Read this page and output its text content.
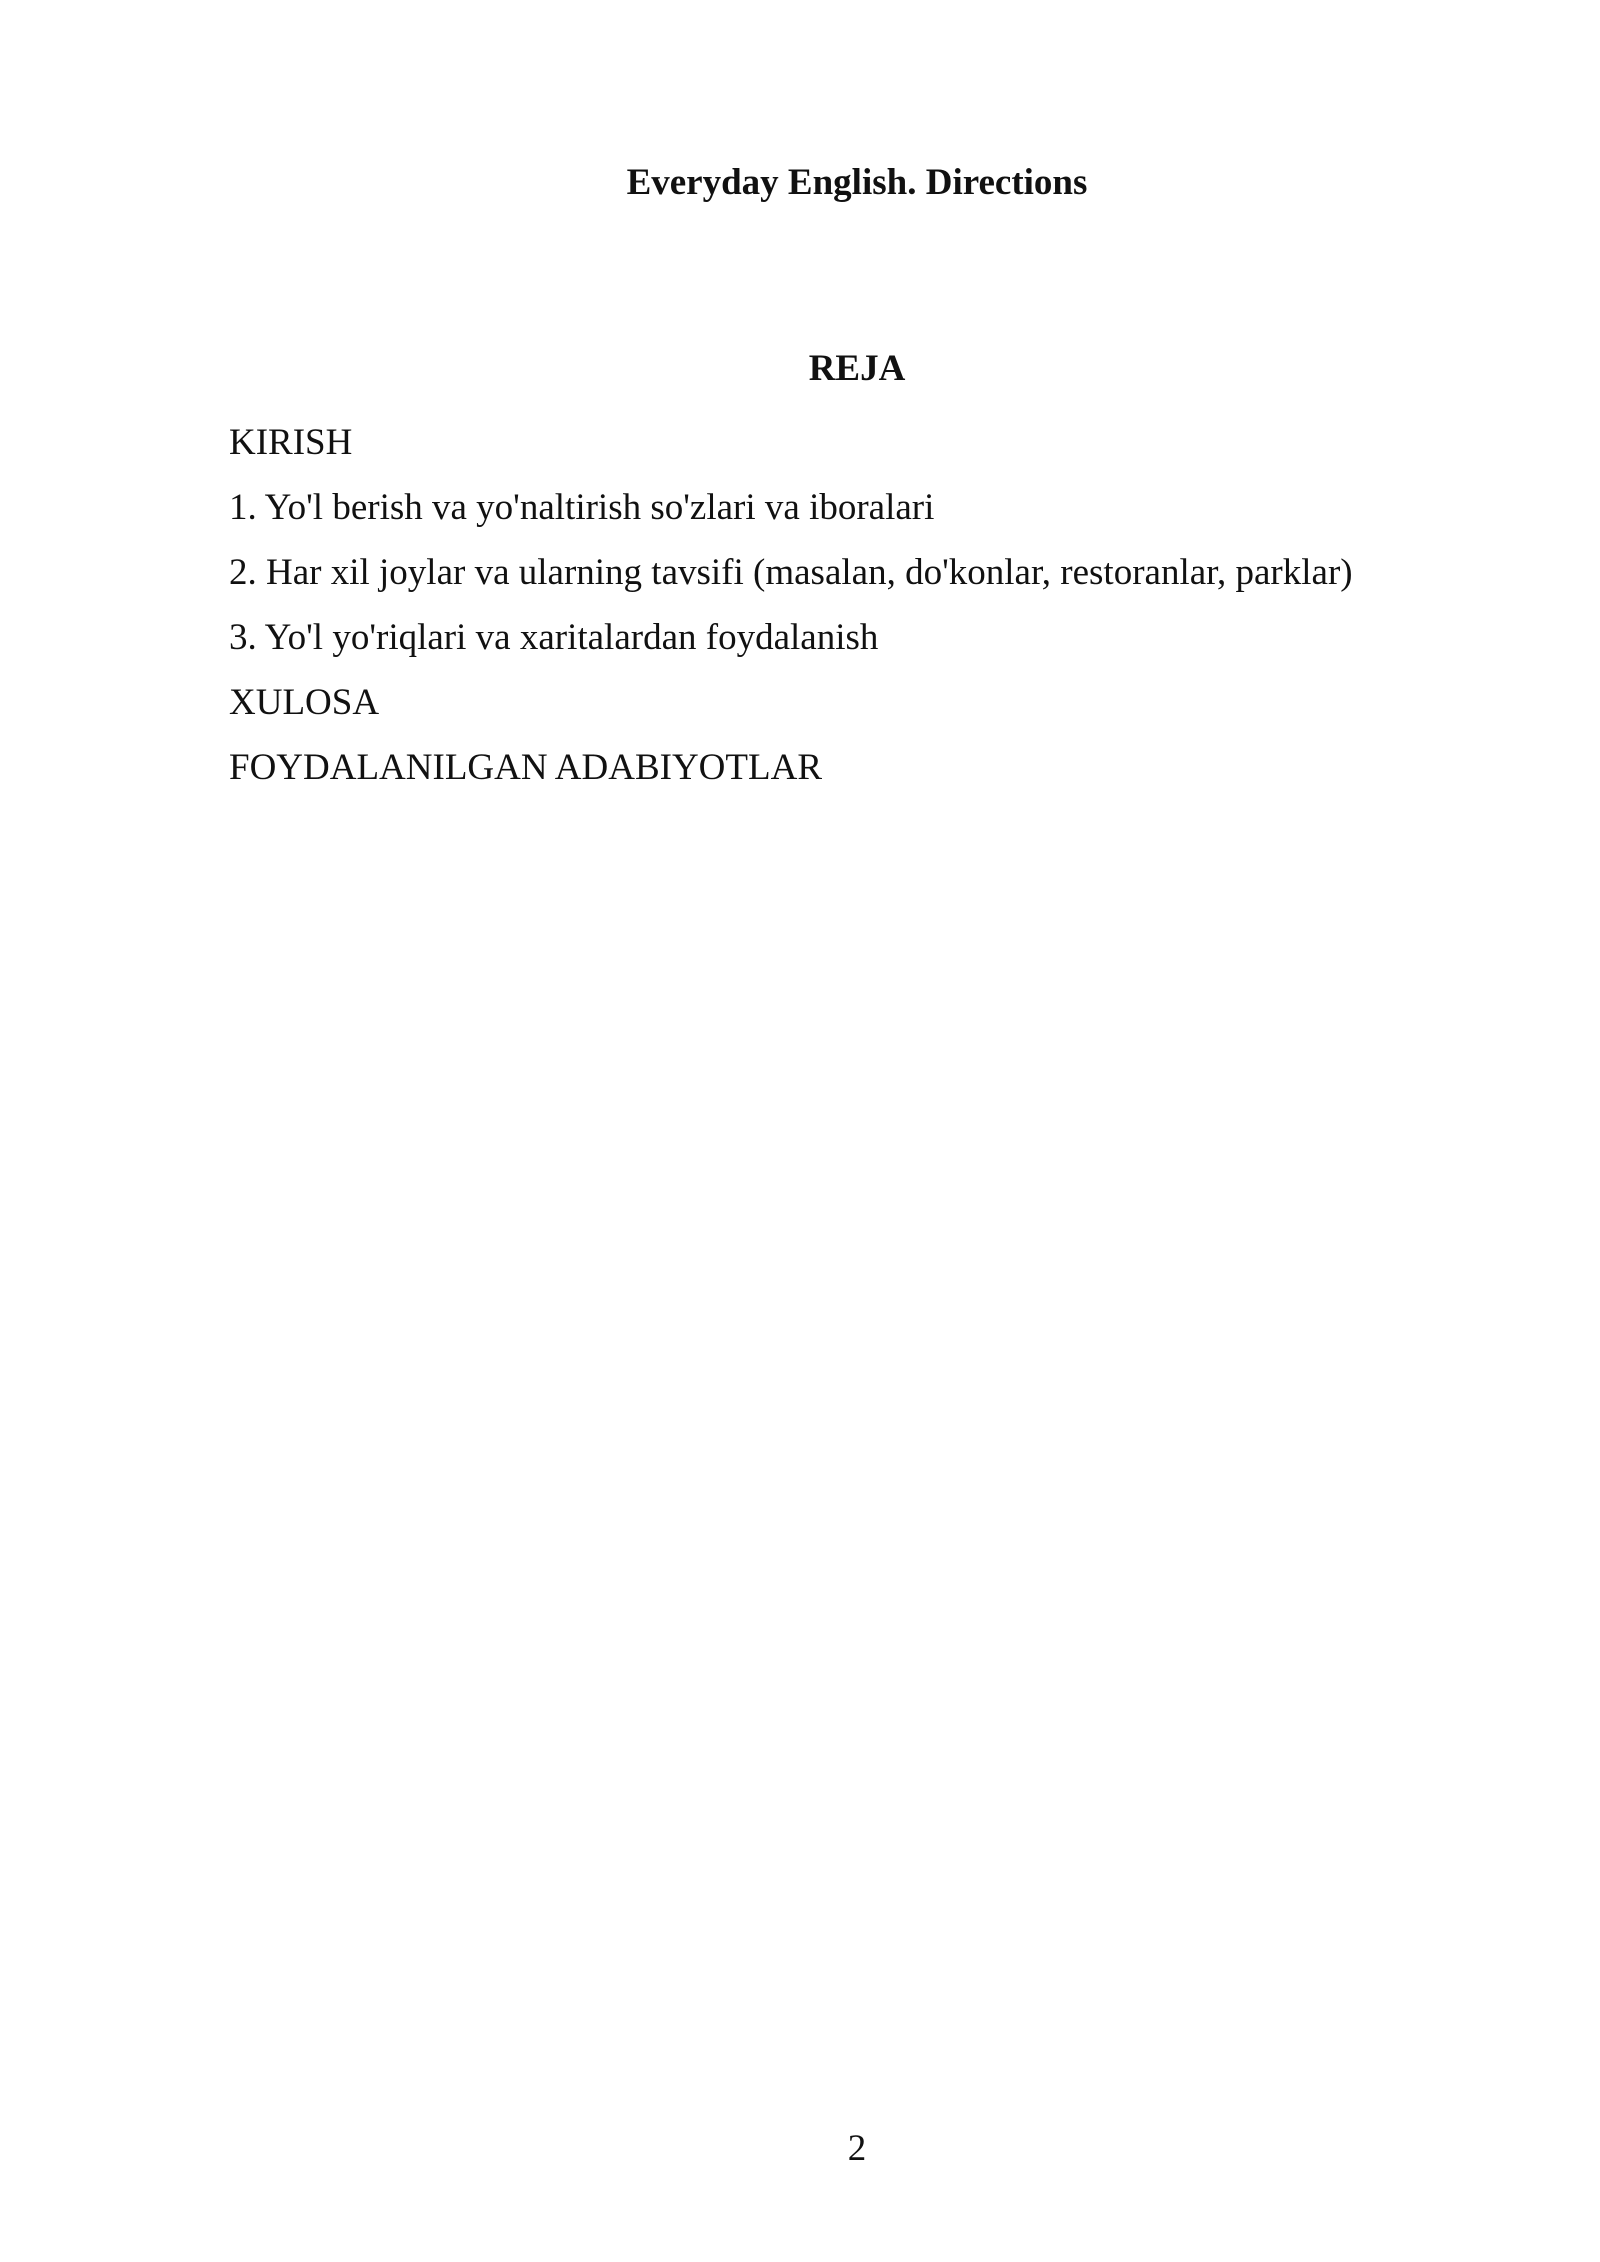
Everyday English. Directions
REJA
KIRISH
1. Yo'l berish va yo'naltirish so'zlari va iboralari
2. Har xil joylar va ularning tavsifi (masalan, do'konlar, restoranlar, parklar)
3. Yo'l yo'riqlari va xaritalardan foydalanish
XULOSA
FOYDALANILGAN ADABIYOTLAR
2
